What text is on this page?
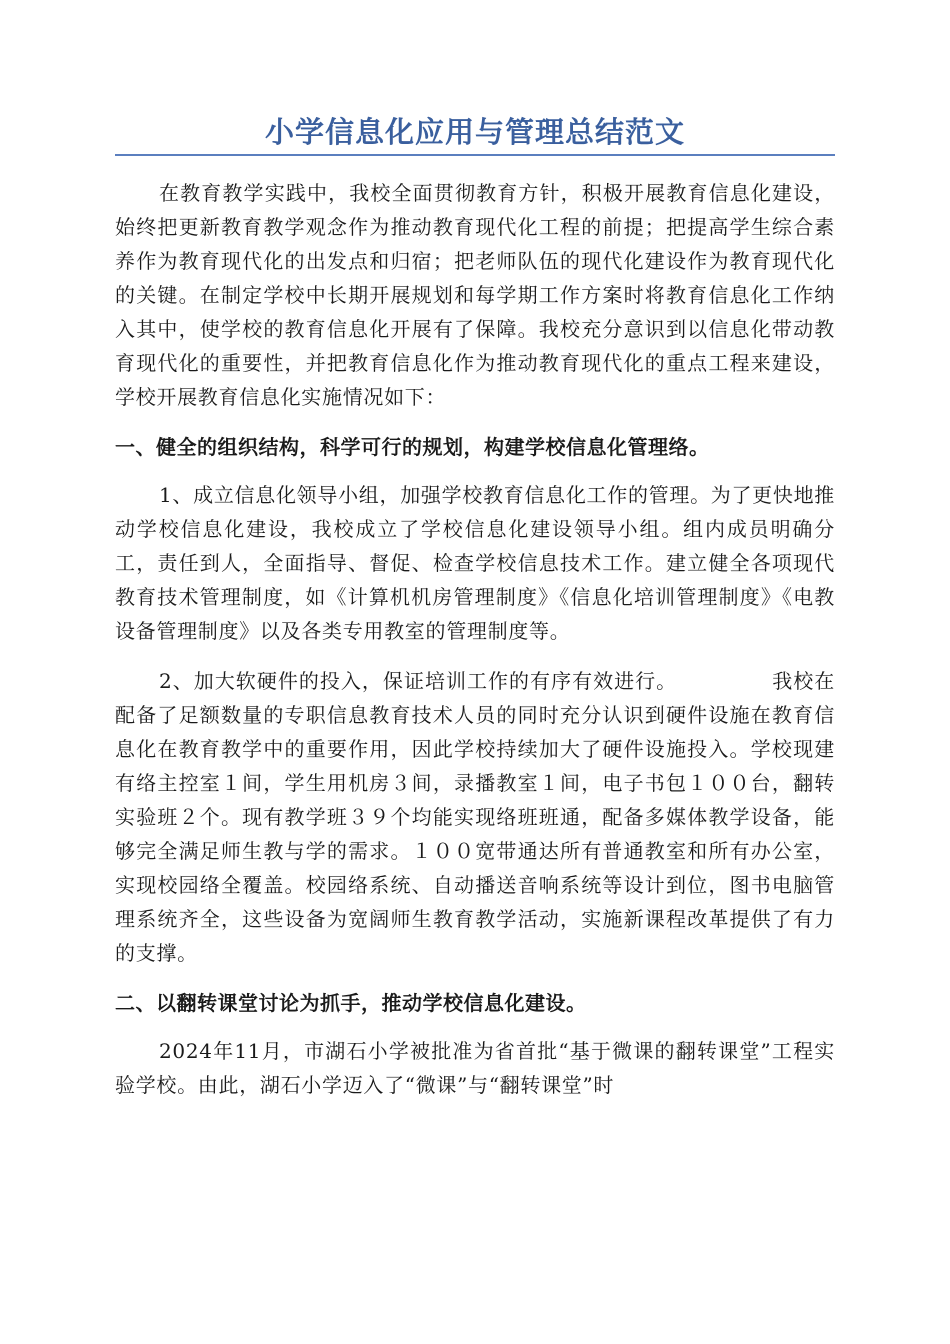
小学信息化应用与管理总结范文

在教育教学实践中，我校全面贯彻教育方针，积极开展教育信息化建设，始终把更新教育教学观念作为推动教育现代化工程的前提；把提高学生综合素养作为教育现代化的出发点和归宿；把老师队伍的现代化建设作为教育现代化的关键。在制定学校中长期开展规划和每学期工作方案时将教育信息化工作纳入其中，使学校的教育信息化开展有了保障。我校充分意识到以信息化带动教育现代化的重要性，并把教育信息化作为推动教育现代化的重点工程来建设，学校开展教育信息化实施情况如下：

一、健全的组织结构，科学可行的规划，构建学校信息化管理络。

1、成立信息化领导小组，加强学校教育信息化工作的管理。为了更快地推动学校信息化建设，我校成立了学校信息化建设领导小组。组内成员明确分工，责任到人，全面指导、督促、检查学校信息技术工作。建立健全各项现代教育技术管理制度，如《计算机机房管理制度》《信息化培训管理制度》《电教设备管理制度》以及各类专用教室的管理制度等。

2、加大软硬件的投入，保证培训工作的有序有效进行。　　　　　我校在配备了足额数量的专职信息教育技术人员的同时充分认识到硬件设施在教育信息化在教育教学中的重要作用，因此学校持续加大了硬件设施投入。学校现建有络主控室１间，学生用机房３间，录播教室１间，电子书包１００台，翻转实验班２个。现有教学班３９个均能实现络班班通，配备多媒体教学设备，能够完全满足师生教与学的需求。１００宽带通达所有普通教室和所有办公室，实现校园络全覆盖。校园络系统、自动播送音响系统等设计到位，图书电脑管理系统齐全，这些设备为宽阔师生教育教学活动，实施新课程改革提供了有力的支撑。

二、以翻转课堂讨论为抓手，推动学校信息化建设。

2024年11月，市湖石小学被批准为省首批“基于微课的翻转课堂”工程实验学校。由此，湖石小学迈入了“微课”与“翻转课堂”时
